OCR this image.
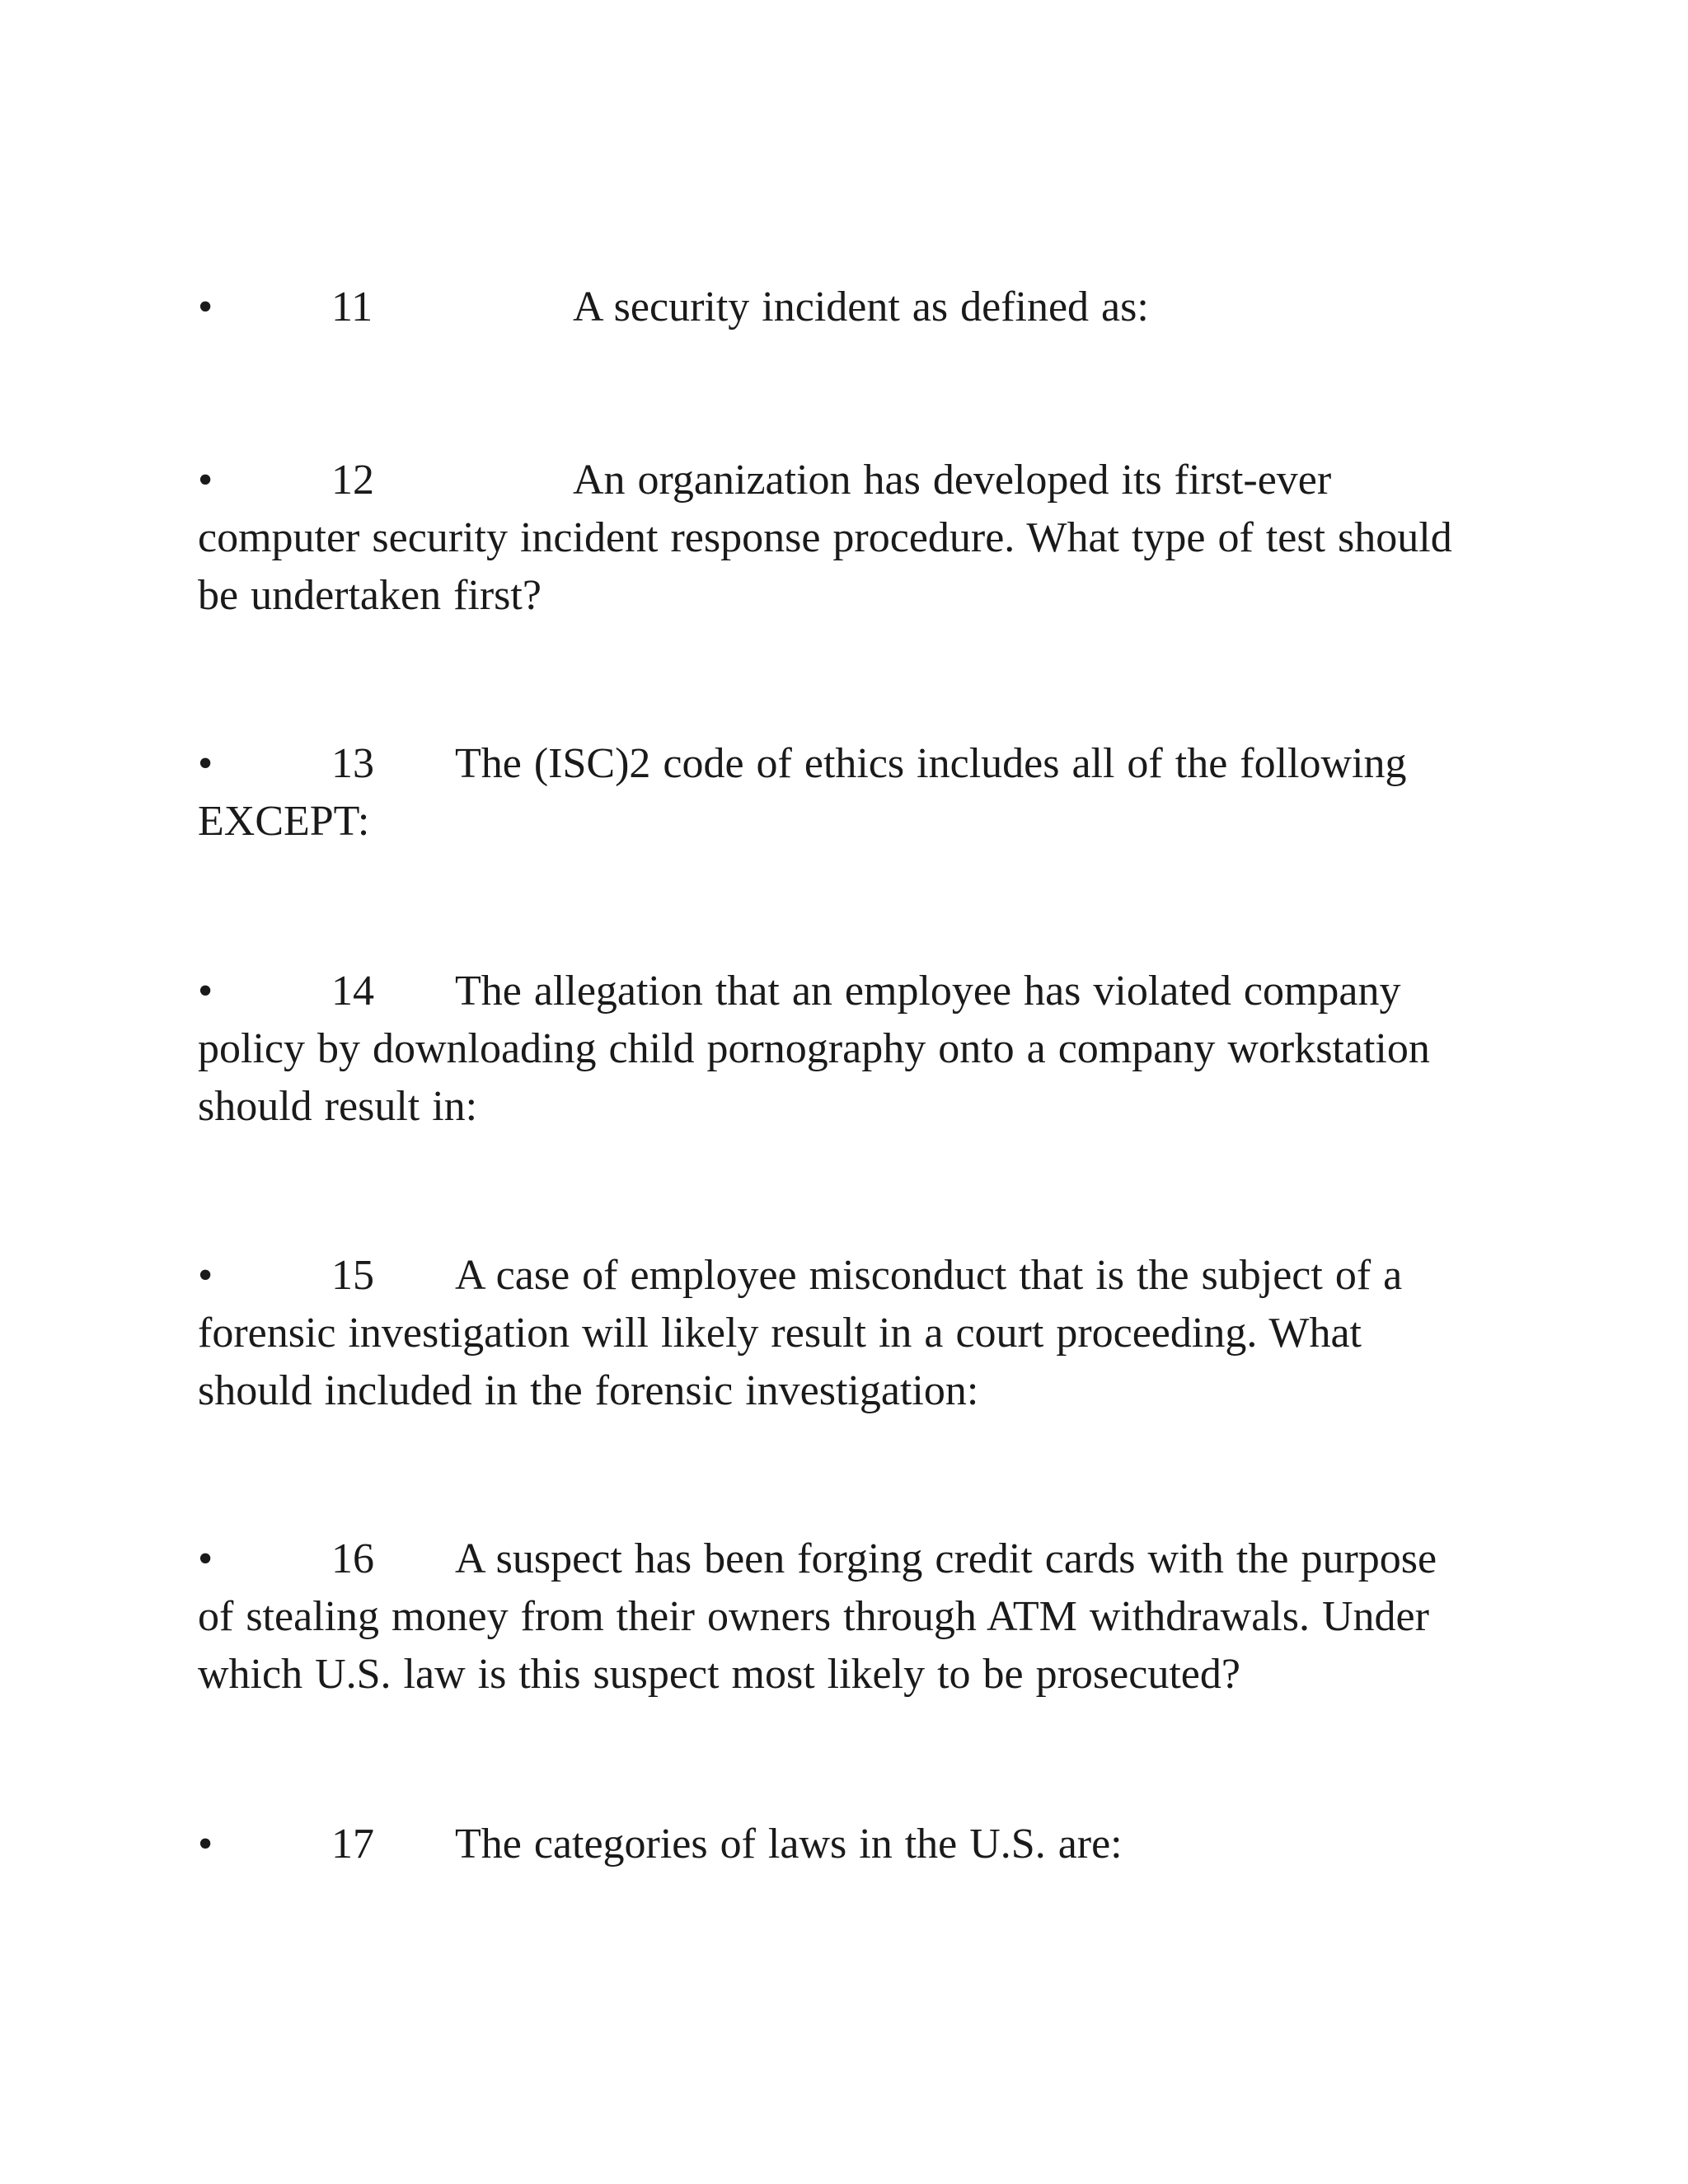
•	11	A security incident as defined as:

•	12	An organization has developed its first-ever
computer security incident response procedure. What type of test should
be undertaken first?

•	13	The (ISC)2 code of ethics includes all of the following
EXCEPT:

•	14	The allegation that an employee has violated company
policy by downloading child pornography onto a company workstation
should result in:

•	15	A case of employee misconduct that is the subject of a
forensic investigation will likely result in a court proceeding. What
should included in the forensic investigation:

•	16	A suspect has been forging credit cards with the purpose
of stealing money from their owners through ATM withdrawals. Under
which U.S. law is this suspect most likely to be prosecuted?

•	17	The categories of laws in the U.S. are:
